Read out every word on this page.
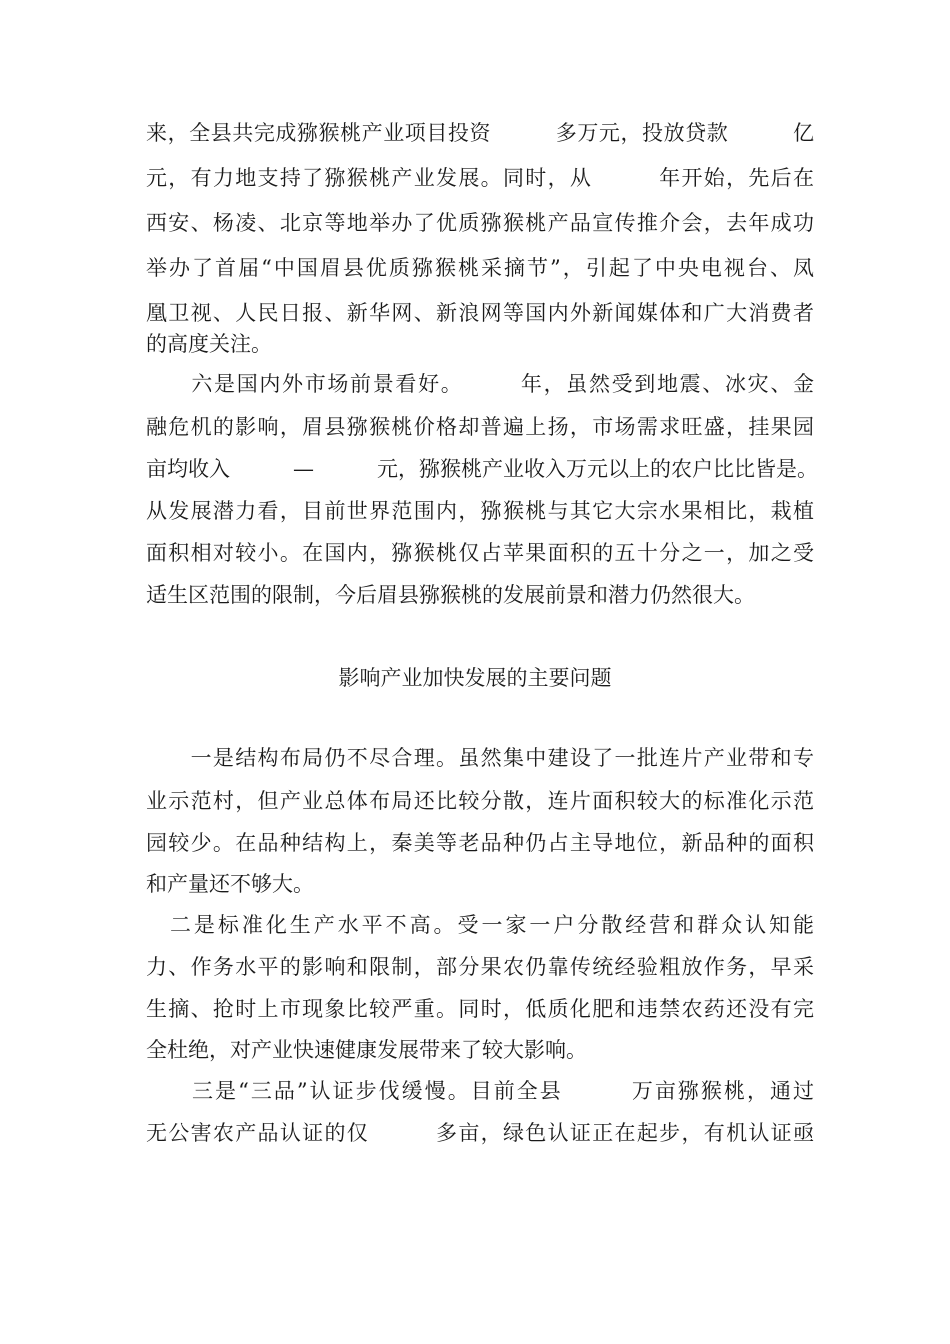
来，全县共完成猕猴桃产业项目投资　　　多万元，投放贷款　　　亿
元，有力地支持了猕猴桃产业发展。同时，从　　　年开始，先后在
西安、杨凌、北京等地举办了优质猕猴桃产品宣传推介会，去年成功
举办了首届“中国眉县优质猕猴桃采摘节”，引起了中央电视台、凤
凰卫视、人民日报、新华网、新浪网等国内外新闻媒体和广大消费者
的高度关注。
　　六是国内外市场前景看好。　　　年，虽然受到地震、冰灾、金
融危机的影响，眉县猕猴桃价格却普遍上扬，市场需求旺盛，挂果园
亩均收入　　　—　　　元，猕猴桃产业收入万元以上的农户比比皆是。
从发展潜力看，目前世界范围内，猕猴桃与其它大宗水果相比，栽植
面积相对较小。在国内，猕猴桃仅占苹果面积的五十分之一，加之受
适生区范围的限制，今后眉县猕猴桃的发展前景和潜力仍然很大。
影响产业加快发展的主要问题
　　一是结构布局仍不尽合理。虽然集中建设了一批连片产业带和专
业示范村，但产业总体布局还比较分散，连片面积较大的标准化示范
园较少。在品种结构上，秦美等老品种仍占主导地位，新品种的面积
和产量还不够大。
　二是标准化生产水平不高。受一家一户分散经营和群众认知能
力、作务水平的影响和限制，部分果农仍靠传统经验粗放作务，早采
生摘、抢时上市现象比较严重。同时，低质化肥和违禁农药还没有完
全杜绝，对产业快速健康发展带来了较大影响。
　　三是“三品”认证步伐缓慢。目前全县　　　万亩猕猴桃，通过
无公害农产品认证的仅　　　多亩，绿色认证正在起步，有机认证亟
